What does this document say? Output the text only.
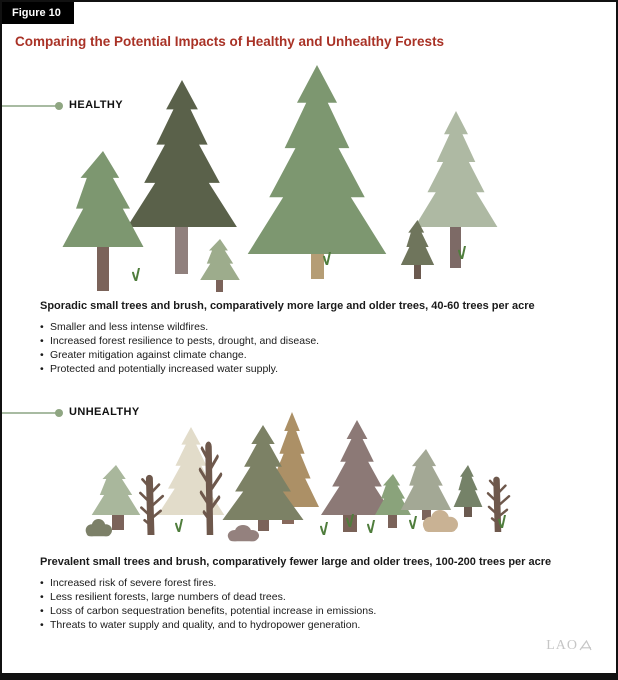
Figure 10
Comparing the Potential Impacts of Healthy and Unhealthy Forests
HEALTHY
Sporadic small trees and brush, comparatively more large and older trees, 40-60 trees per acre
• Smaller and less intense wildfires.
• Increased forest resilience to pests, drought, and disease.
• Greater mitigation against climate change.
• Protected and potentially increased water supply.
UNHEALTHY
Prevalent small trees and brush, comparatively fewer large and older trees, 100-200 trees per acre
• Increased risk of severe forest fires.
• Less resilient forests, large numbers of dead trees.
• Loss of carbon sequestration benefits, potential increase in emissions.
• Threats to water supply and quality, and to hydropower generation.
LAO
